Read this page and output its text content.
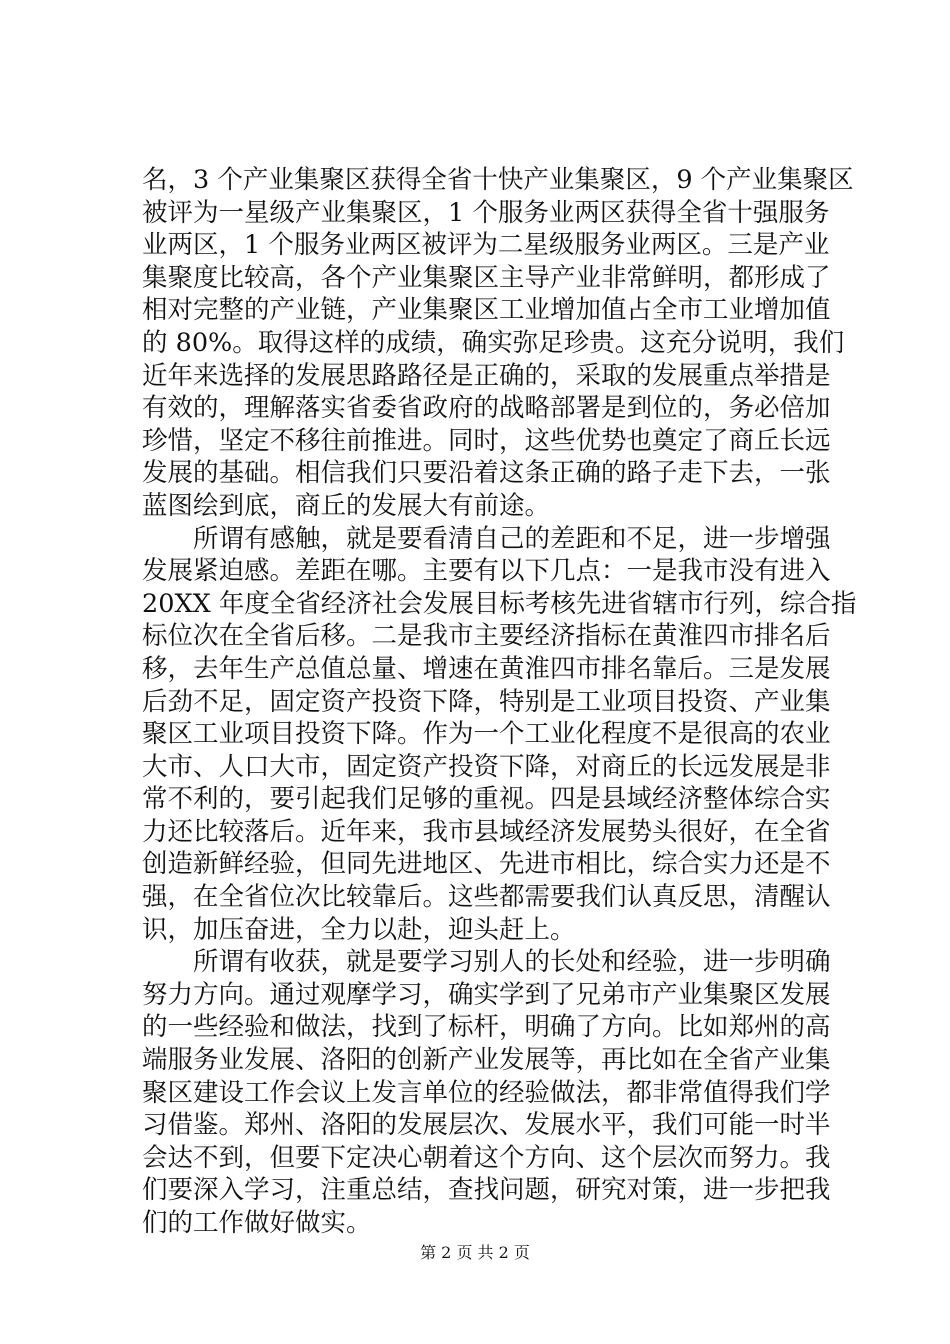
名，3 个产业集聚区获得全省十快产业集聚区，9 个产业集聚区
被评为一星级产业集聚区，1 个服务业两区获得全省十强服务
业两区，1 个服务业两区被评为二星级服务业两区。三是产业
集聚度比较高，各个产业集聚区主导产业非常鲜明，都形成了
相对完整的产业链，产业集聚区工业增加值占全市工业增加值
的 80%。取得这样的成绩，确实弥足珍贵。这充分说明，我们
近年来选择的发展思路路径是正确的，采取的发展重点举措是
有效的，理解落实省委省政府的战略部署是到位的，务必倍加
珍惜，坚定不移往前推进。同时，这些优势也奠定了商丘长远
发展的基础。相信我们只要沿着这条正确的路子走下去，一张
蓝图绘到底，商丘的发展大有前途。
　　所谓有感触，就是要看清自己的差距和不足，进一步增强
发展紧迫感。差距在哪。主要有以下几点：一是我市没有进入
20XX 年度全省经济社会发展目标考核先进省辖市行列，综合指
标位次在全省后移。二是我市主要经济指标在黄淮四市排名后
移，去年生产总值总量、增速在黄淮四市排名靠后。三是发展
后劲不足，固定资产投资下降，特别是工业项目投资、产业集
聚区工业项目投资下降。作为一个工业化程度不是很高的农业
大市、人口大市，固定资产投资下降，对商丘的长远发展是非
常不利的，要引起我们足够的重视。四是县域经济整体综合实
力还比较落后。近年来，我市县域经济发展势头很好，在全省
创造新鲜经验，但同先进地区、先进市相比，综合实力还是不
强，在全省位次比较靠后。这些都需要我们认真反思，清醒认
识，加压奋进，全力以赴，迎头赶上。
　　所谓有收获，就是要学习别人的长处和经验，进一步明确
努力方向。通过观摩学习，确实学到了兄弟市产业集聚区发展
的一些经验和做法，找到了标杆，明确了方向。比如郑州的高
端服务业发展、洛阳的创新产业发展等，再比如在全省产业集
聚区建设工作会议上发言单位的经验做法，都非常值得我们学
习借鉴。郑州、洛阳的发展层次、发展水平，我们可能一时半
会达不到，但要下定决心朝着这个方向、这个层次而努力。我
们要深入学习，注重总结，查找问题，研究对策，进一步把我
们的工作做好做实。
第 2 页 共 2 页
